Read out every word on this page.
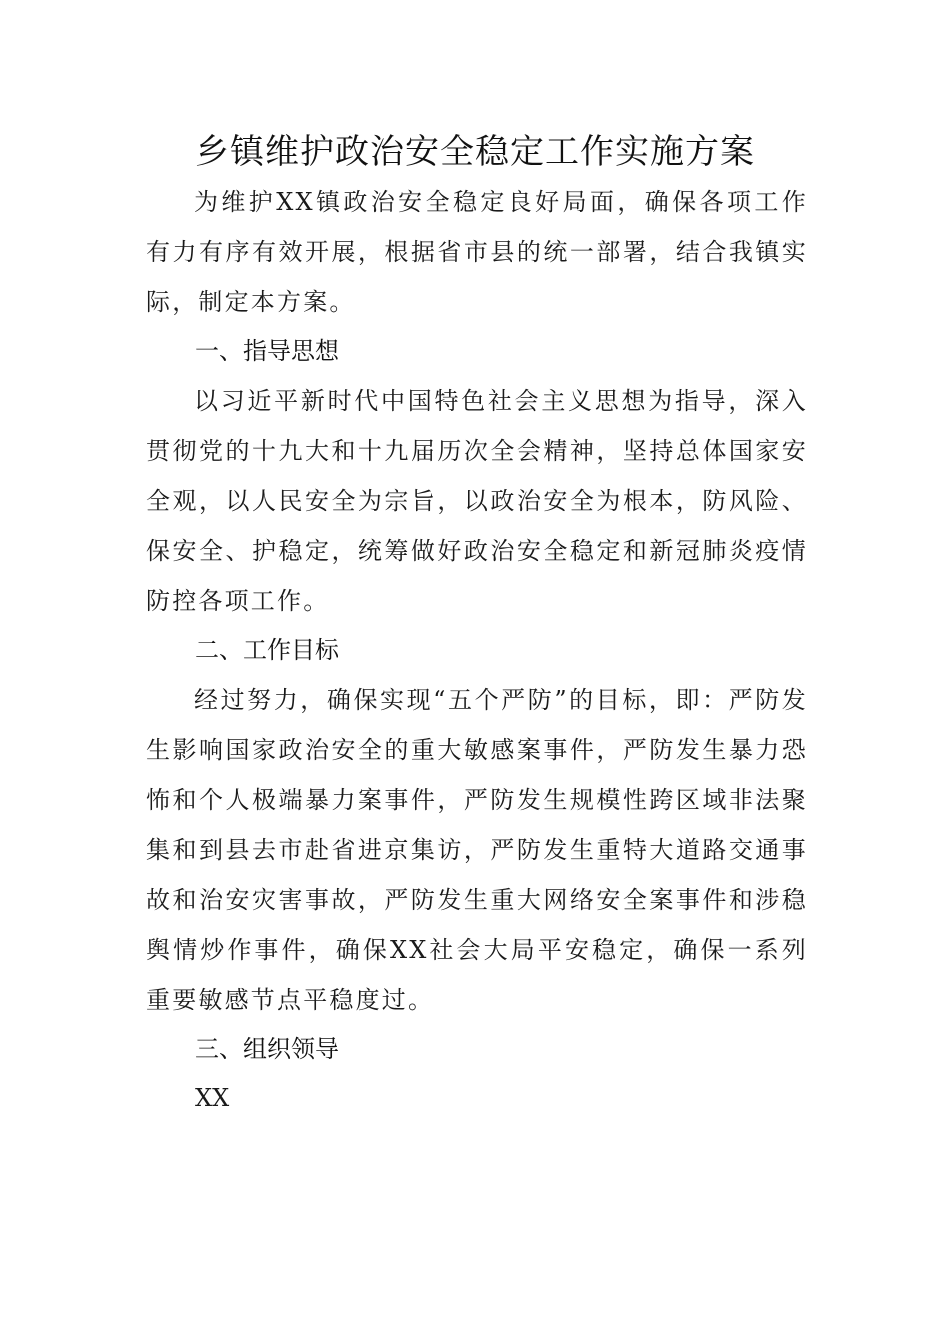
乡镇维护政治安全稳定工作实施方案

为维护XX镇政治安全稳定良好局面，确保各项工作有力有序有效开展，根据省市县的统一部署，结合我镇实际，制定本方案。

一、指导思想

以习近平新时代中国特色社会主义思想为指导，深入贯彻党的十九大和十九届历次全会精神，坚持总体国家安全观，以人民安全为宗旨，以政治安全为根本，防风险、保安全、护稳定，统筹做好政治安全稳定和新冠肺炎疫情防控各项工作。

二、工作目标

经过努力，确保实现“五个严防”的目标，即：严防发生影响国家政治安全的重大敏感案事件，严防发生暴力恐怖和个人极端暴力案事件，严防发生规模性跨区域非法聚集和到县去市赴省进京集访，严防发生重特大道路交通事故和治安灾害事故，严防发生重大网络安全案事件和涉稳舆情炒作事件，确保XX社会大局平安稳定，确保一系列重要敏感节点平稳度过。

三、组织领导

XX
